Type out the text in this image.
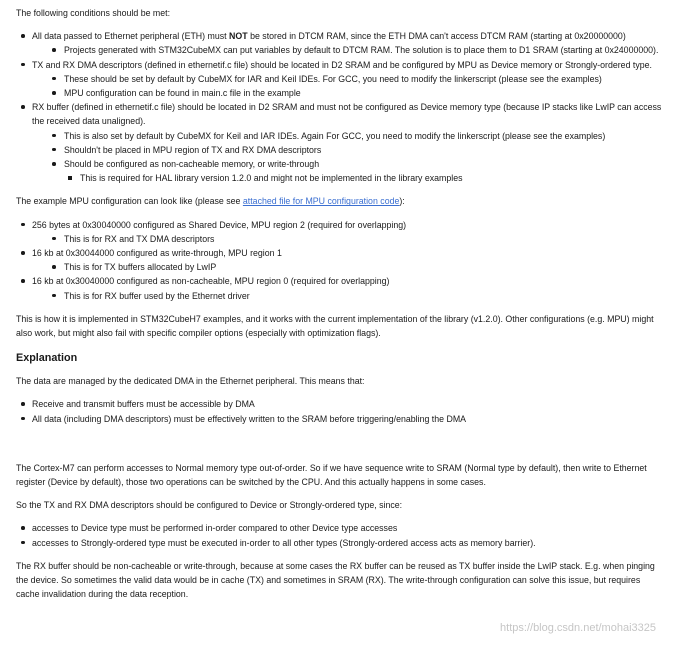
The following conditions should be met:

All data passed to Ethernet peripheral (ETH) must NOT be stored in DTCM RAM, since the ETH DMA can't access DTCM RAM (starting at 0x20000000)
Projects generated with STM32CubeMX can put variables by default to DTCM RAM. The solution is to place them to D1 SRAM (starting at 0x24000000).
TX and RX DMA descriptors (defined in ethernetif.c file) should be located in D2 SRAM and be configured by MPU as Device memory or Strongly-ordered type.
These should be set by default by CubeMX for IAR and Keil IDEs. For GCC, you need to modify the linkerscript (please see the examples)
MPU configuration can be found in main.c file in the example
RX buffer (defined in ethernetif.c file) should be located in D2 SRAM and must not be configured as Device memory type (because IP stacks like LwIP can access the received data unaligned).
This is also set by default by CubeMX for Keil and IAR IDEs. Again For GCC, you need to modify the linkerscript (please see the examples)
Shouldn't be placed in MPU region of TX and RX DMA descriptors
Should be configured as non-cacheable memory, or write-through
This is required for HAL library version 1.2.0 and might not be implemented in the library examples

The example MPU configuration can look like (please see attached file for MPU configuration code):

256 bytes at 0x30040000 configured as Shared Device, MPU region 2 (required for overlapping)
This is for RX and TX DMA descriptors
16 kb at 0x30044000 configured as write-through, MPU region 1
This is for TX buffers allocated by LwIP
16 kb at 0x30040000 configured as non-cacheable, MPU region 0 (required for overlapping)
This is for RX buffer used by the Ethernet driver

This is how it is implemented in STM32CubeH7 examples, and it works with the current implementation of the library (v1.2.0). Other configurations (e.g. MPU) might also work, but might also fail with specific compiler options (especially with optimization flags).

Explanation

The data are managed by the dedicated DMA in the Ethernet peripheral. This means that:

Receive and transmit buffers must be accessible by DMA
All data (including DMA descriptors) must be effectively written to the SRAM before triggering/enabling the DMA

The Cortex-M7 can perform accesses to Normal memory type out-of-order. So if we have sequence write to SRAM (Normal type by default), then write to Ethernet register (Device by default), those two operations can be switched by the CPU. And this actually happens in some cases.

So the TX and RX DMA descriptors should be configured to Device or Strongly-ordered type, since:

accesses to Device type must be performed in-order compared to other Device type accesses
accesses to Strongly-ordered type must be executed in-order to all other types (Strongly-ordered access acts as memory barrier).

The RX buffer should be non-cacheable or write-through, because at some cases the RX buffer can be reused as TX buffer inside the LwIP stack. E.g. when pinging the device. So sometimes the valid data would be in cache (TX) and sometimes in SRAM (RX). The write-through configuration can solve this issue, but requires cache invalidation during the data reception.

https://blog.csdn.net/mohai3325
